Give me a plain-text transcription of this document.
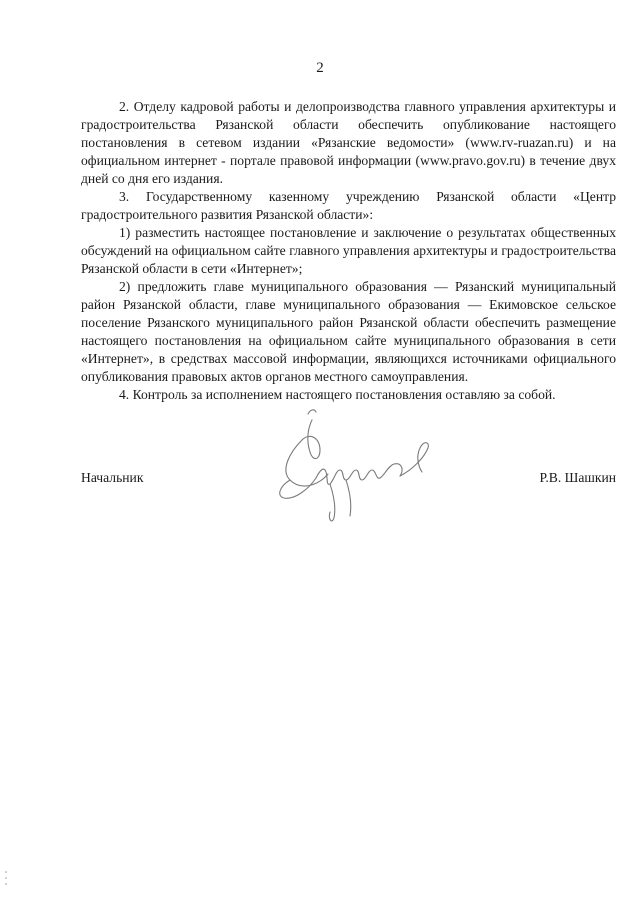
2

2. Отделу кадровой работы и делопроизводства главного управления архитектуры и градостроительства Рязанской области обеспечить опубликование настоящего постановления в сетевом издании «Рязанские ведомости» (www.rv-ruazan.ru) и на официальном интернет - портале правовой информации (www.pravo.gov.ru) в течение двух дней со дня его издания.

3. Государственному казенному учреждению Рязанской области «Центр градостроительного развития Рязанской области»:

1) разместить настоящее постановление и заключение о результатах общественных обсуждений на официальном сайте главного управления архитектуры и градостроительства Рязанской области в сети «Интернет»;

2) предложить главе муниципального образования — Рязанский муниципальный район Рязанской области, главе муниципального образования — Екимовское сельское поселение Рязанского муниципального район Рязанской области обеспечить размещение настоящего постановления на официальном сайте муниципального образования в сети «Интернет», в средствах массовой информации, являющихся источниками официального опубликования правовых актов органов местного самоуправления.

4. Контроль за исполнением настоящего постановления оставляю за собой.

Начальник	Р.В. Шашкин
